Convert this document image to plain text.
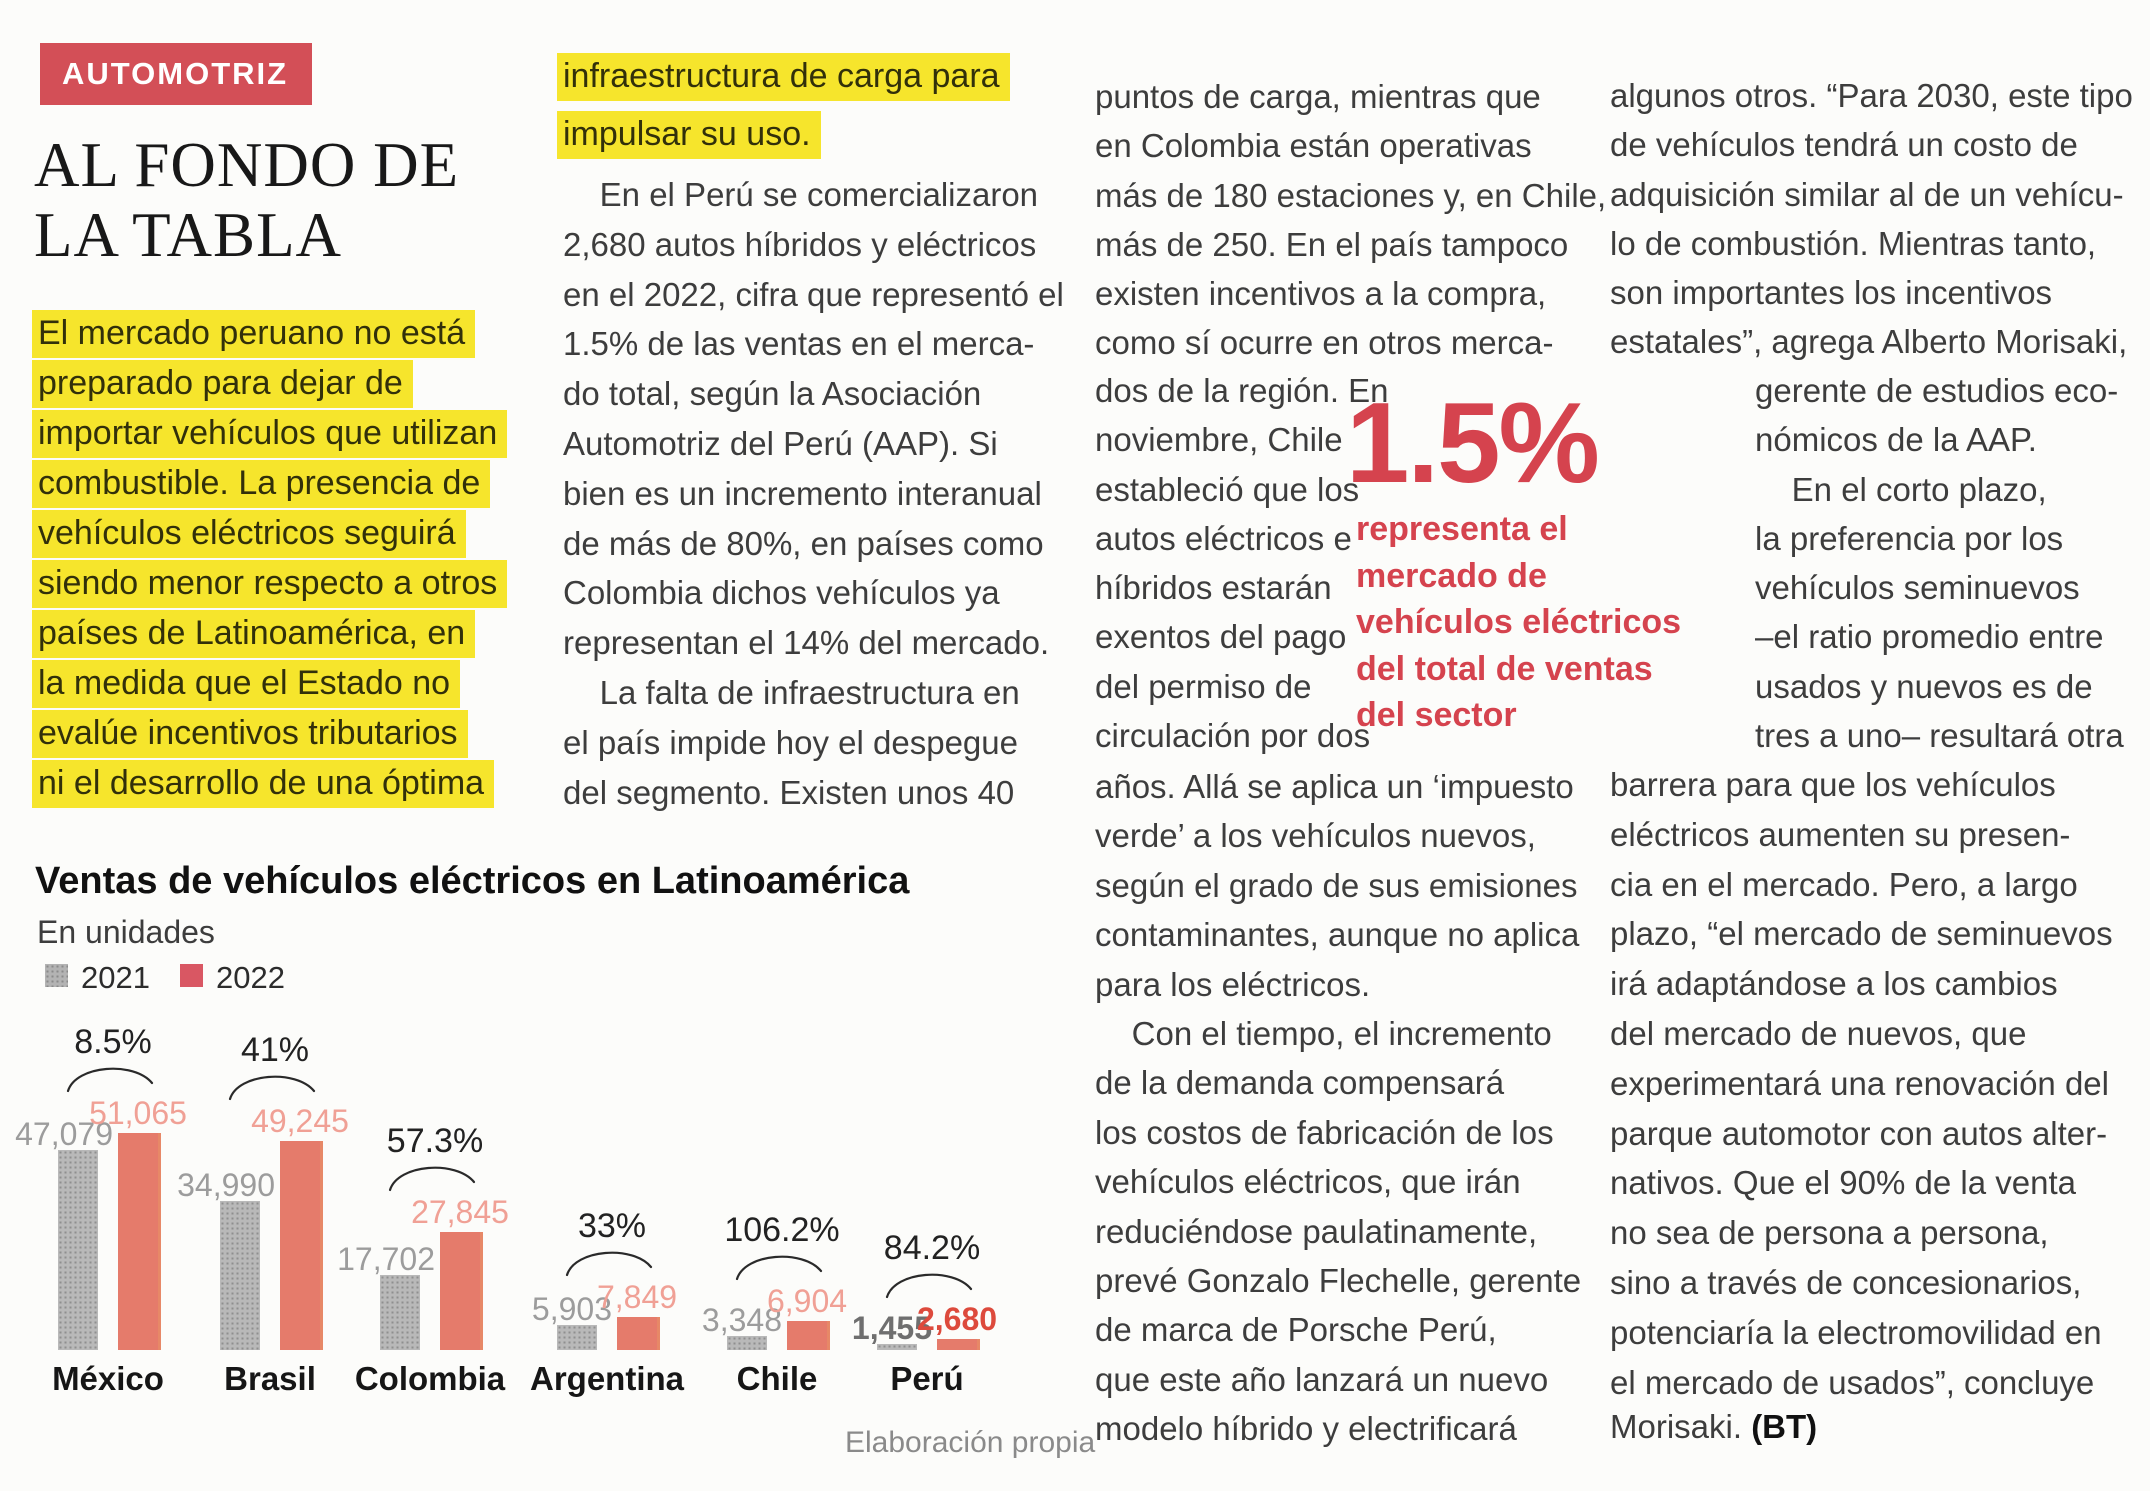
AUTOMOTRIZ
AL FONDO DE
LA TABLA
El mercado peruano no está
preparado para dejar de
importar vehículos que utilizan
combustible. La presencia de
vehículos eléctricos seguirá
siendo menor respecto a otros
países de Latinoamérica, en
la medida que el Estado no
evalúe incentivos tributarios
ni el desarrollo de una óptima
infraestructura de carga para
impulsar su uso.
En el Perú se comercializaron
2,680 autos híbridos y eléctricos
en el 2022, cifra que representó el
1.5% de las ventas en el merca-
do total, según la Asociación
Automotriz del Perú (AAP). Si
bien es un incremento interanual
de más de 80%, en países como
Colombia dichos vehículos ya
representan el 14% del mercado.
La falta de infraestructura en
el país impide hoy el despegue
del segmento. Existen unos 40
puntos de carga, mientras que
en Colombia están operativas
más de 180 estaciones y, en Chile,
más de 250. En el país tampoco
existen incentivos a la compra,
como sí ocurre en otros merca-
dos de la región. En
noviembre, Chile
estableció que los
autos eléctricos e
híbridos estarán
exentos del pago
del permiso de
circulación por dos
años. Allá se aplica un ‘impuesto
verde’ a los vehículos nuevos,
según el grado de sus emisiones
contaminantes, aunque no aplica
para los eléctricos.
Con el tiempo, el incremento
de la demanda compensará
los costos de fabricación de los
vehículos eléctricos, que irán
reduciéndose paulatinamente,
prevé Gonzalo Flechelle, gerente
de marca de Porsche Perú,
que este año lanzará un nuevo
modelo híbrido y electrificará
1.5%
representa el
mercado de
vehículos eléctricos
del total de ventas
del sector
algunos otros. “Para 2030, este tipo
de vehículos tendrá un costo de
adquisición similar al de un vehícu-
lo de combustión. Mientras tanto,
son importantes los incentivos
estatales”, agrega Alberto Morisaki,
gerente de estudios eco-
nómicos de la AAP.
En el corto plazo,
la preferencia por los
vehículos seminuevos
–el ratio promedio entre
usados y nuevos es de
tres a uno– resultará otra
barrera para que los vehículos
eléctricos aumenten su presen-
cia en el mercado. Pero, a largo
plazo, “el mercado de seminuevos
irá adaptándose a los cambios
del mercado de nuevos, que
experimentará una renovación del
parque automotor con autos alter-
nativos. Que el 90% de la venta
no sea de persona a persona,
sino a través de concesionarios,
potenciaría la electromovilidad en
el mercado de usados”, concluye
Morisaki. (BT)
Ventas de vehículos eléctricos en Latinoamérica
En unidades
2021 2022
47,079
51,065
8.5%
México
34,990
49,245
41%
Brasil
17,702
27,845
57.3%
Colombia
5,903
7,849
33%
Argentina
3,348
6,904
106.2%
Chile
1,455
2,680
84.2%
Perú
Elaboración propia
